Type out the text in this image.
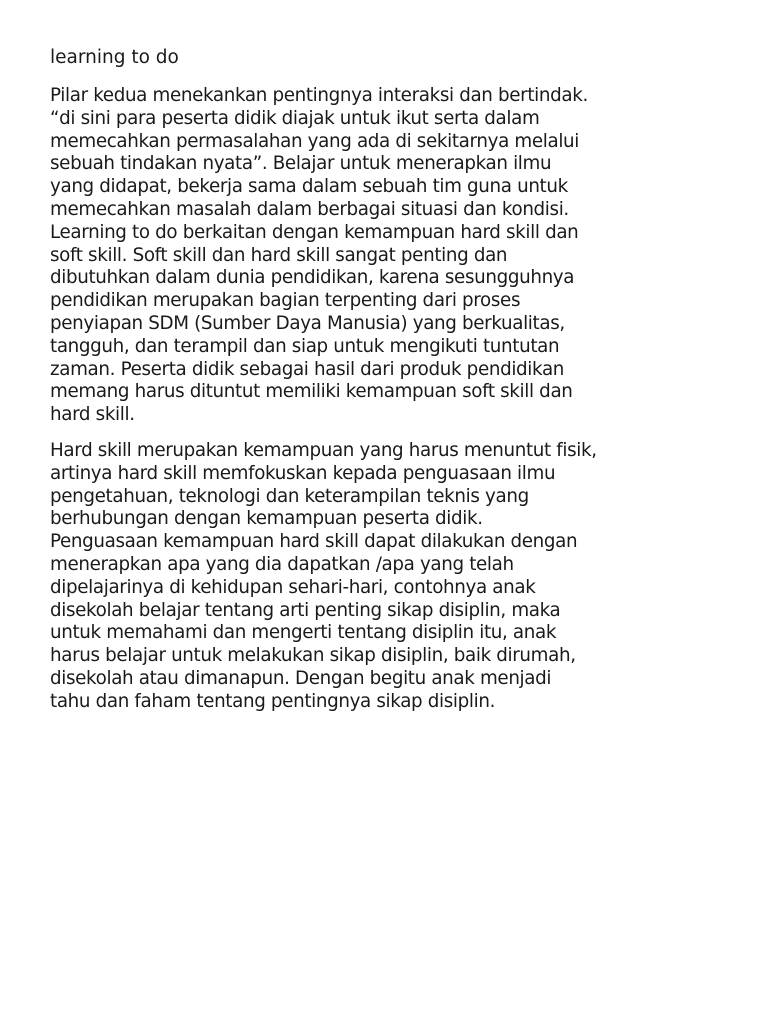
learning to do
Pilar kedua menekankan pentingnya interaksi dan bertindak.
“di sini para peserta didik diajak untuk ikut serta dalam
memecahkan permasalahan yang ada di sekitarnya melalui
sebuah tindakan nyata”. Belajar untuk menerapkan ilmu
yang didapat, bekerja sama dalam sebuah tim guna untuk
memecahkan masalah dalam berbagai situasi dan kondisi.
Learning to do berkaitan dengan kemampuan hard skill dan
soft skill. Soft skill dan hard skill sangat penting dan
dibutuhkan dalam dunia pendidikan, karena sesungguhnya
pendidikan merupakan bagian terpenting dari proses
penyiapan SDM (Sumber Daya Manusia) yang berkualitas,
tangguh, dan terampil dan siap untuk mengikuti tuntutan
zaman. Peserta didik sebagai hasil dari produk pendidikan
memang harus dituntut memiliki kemampuan soft skill dan
hard skill.
Hard skill merupakan kemampuan yang harus menuntut fisik,
artinya hard skill memfokuskan kepada penguasaan ilmu
pengetahuan, teknologi dan keterampilan teknis yang
berhubungan dengan kemampuan peserta didik.
Penguasaan kemampuan hard skill dapat dilakukan dengan
menerapkan apa yang dia dapatkan /apa yang telah
dipelajarinya di kehidupan sehari-hari, contohnya anak
disekolah belajar tentang arti penting sikap disiplin, maka
untuk memahami dan mengerti tentang disiplin itu, anak
harus belajar untuk melakukan sikap disiplin, baik dirumah,
disekolah atau dimanapun. Dengan begitu anak menjadi
tahu dan faham tentang pentingnya sikap disiplin.
